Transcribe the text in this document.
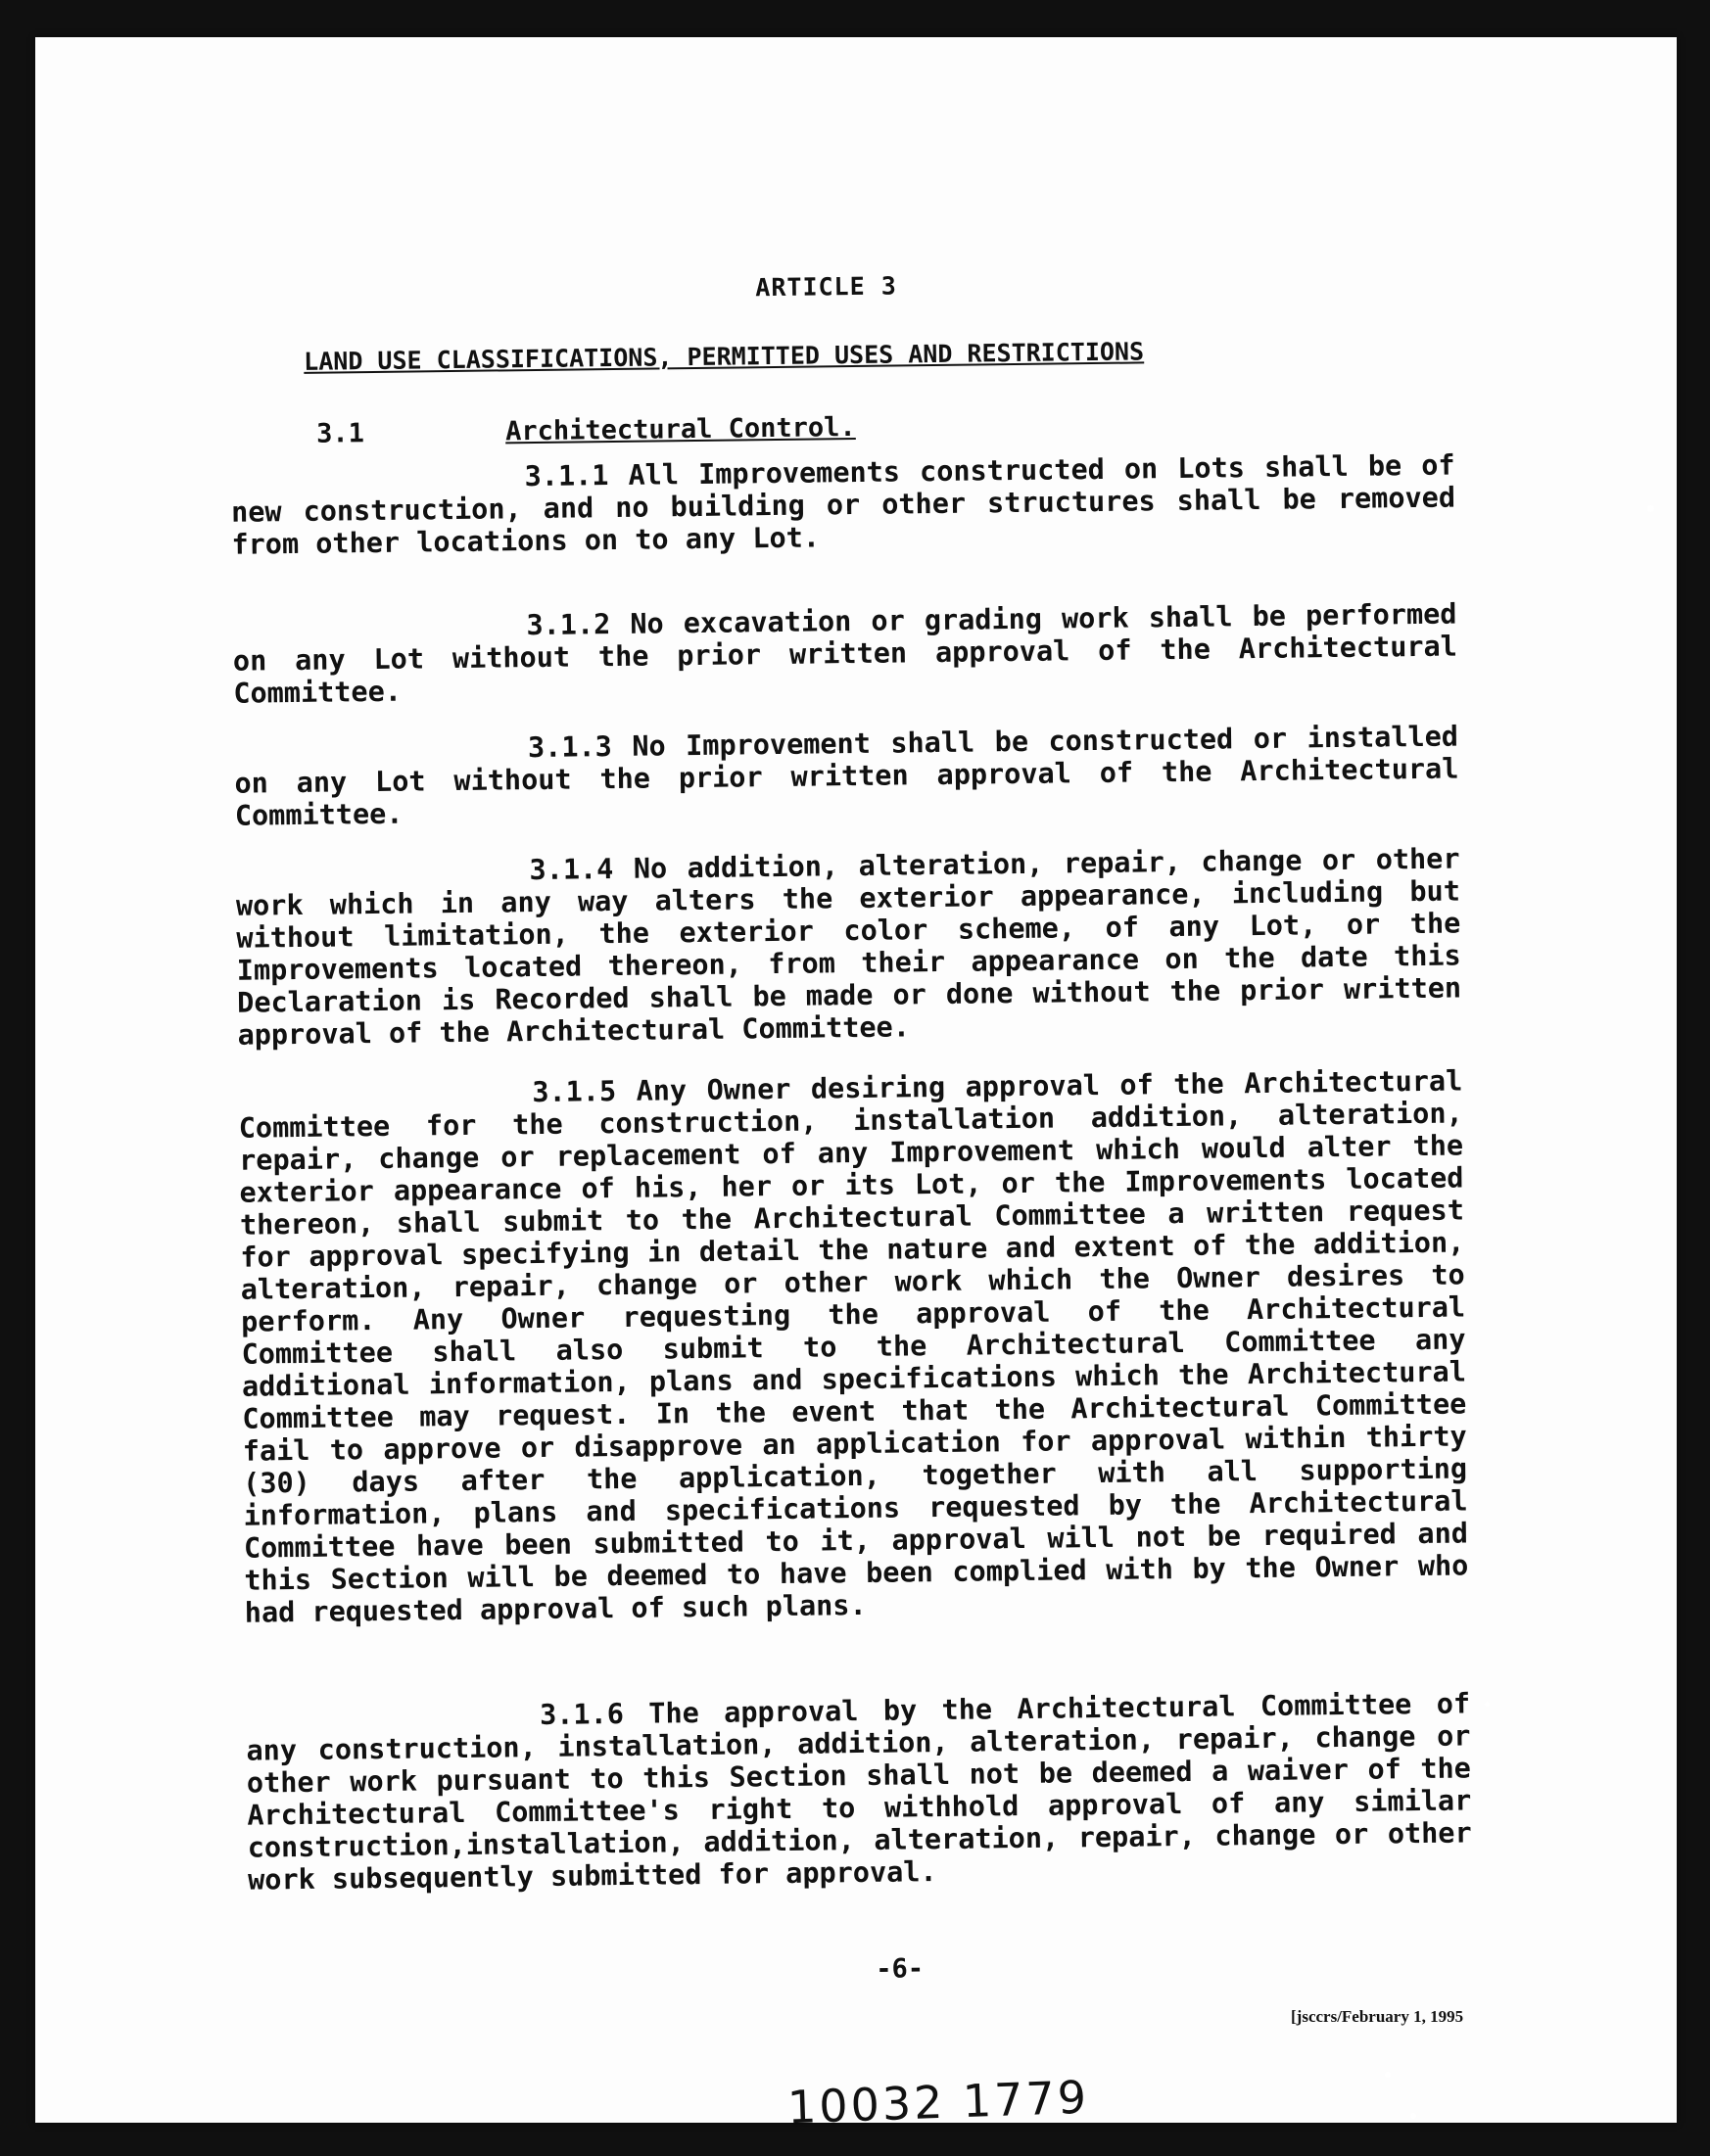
ARTICLE 3
LAND USE CLASSIFICATIONS, PERMITTED USES AND RESTRICTIONS
3.1	Architectural Control.

3.1.1 All Improvements constructed on Lots shall be of new construction, and no building or other structures shall be removed from other locations on to any Lot.

3.1.2 No excavation or grading work shall be performed on any Lot without the prior written approval of the Architectural Committee.

3.1.3 No Improvement shall be constructed or installed on any Lot without the prior written approval of the Architectural Committee.

3.1.4 No addition, alteration, repair, change or other work which in any way alters the exterior appearance, including but without limitation, the exterior color scheme, of any Lot, or the Improvements located thereon, from their appearance on the date this Declaration is Recorded shall be made or done without the prior written approval of the Architectural Committee.

3.1.5 Any Owner desiring approval of the Architectural Committee for the construction, installation addition, alteration, repair, change or replacement of any Improvement which would alter the exterior appearance of his, her or its Lot, or the Improvements located thereon, shall submit to the Architectural Committee a written request for approval specifying in detail the nature and extent of the addition, alteration, repair, change or other work which the Owner desires to perform. Any Owner requesting the approval of the Architectural Committee shall also submit to the Architectural Committee any additional information, plans and specifications which the Architectural Committee may request. In the event that the Architectural Committee fail to approve or disapprove an application for approval within thirty (30) days after the application, together with all supporting information, plans and specifications requested by the Architectural Committee have been submitted to it, approval will not be required and this Section will be deemed to have been complied with by the Owner who had requested approval of such plans.

3.1.6 The approval by the Architectural Committee of any construction, installation, addition, alteration, repair, change or other work pursuant to this Section shall not be deemed a waiver of the Architectural Committee's right to withhold approval of any similar construction,installation, addition, alteration, repair, change or other work subsequently submitted for approval.

-6-
[jsccrs/February 1, 1995
10032 1779
